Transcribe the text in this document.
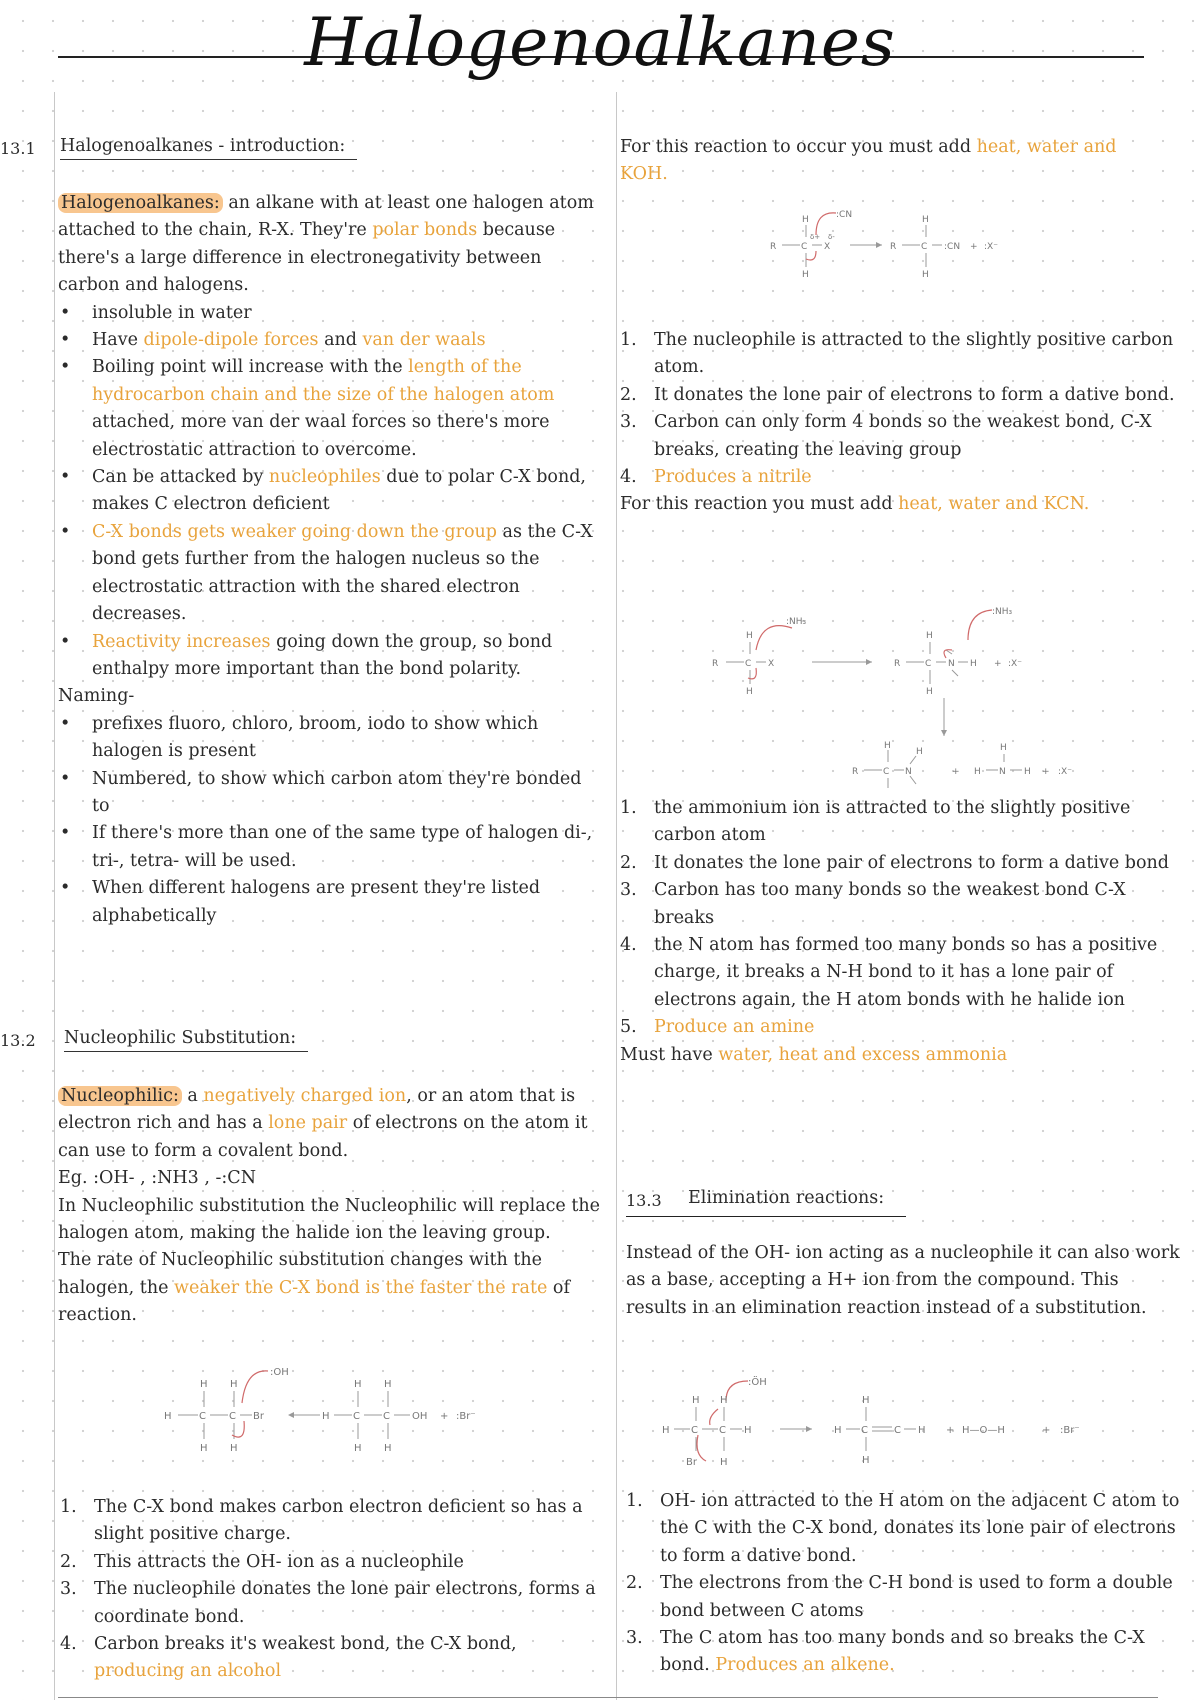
Halogenoalkanes
13.1 Halogenoalkanes - introduction:

Halogenoalkanes: an alkane with at least one halogen atom attached to the chain, R-X. They're polar bonds because there's a large difference in electronegativity between carbon and halogens.

• insoluble in water
• Have dipole-dipole forces and van der waals
• Boiling point will increase with the length of the hydrocarbon chain and the size of the halogen atom attached, more van der waal forces so there's more electrostatic attraction to overcome.
• Can be attacked by nucleophiles due to polar C-X bond, makes C electron deficient
• C-X bonds gets weaker going down the group as the C-X bond gets further from the halogen nucleus so the electrostatic attraction with the shared electron decreases.
• Reactivity increases going down the group, so bond enthalpy more important than the bond polarity.

Naming-

• prefixes fluoro, chloro, broom, iodo to show which halogen is present
• Numbered, to show which carbon atom they're bonded to
• If there's more than one of the same type of halogen di-, tri-, tetra- will be used.
• When different halogens are present they're listed alphabetically
13.2 Nucleophilic Substitution:

Nucleophilic: a negatively charged ion, or an atom that is electron rich and has a lone pair of electrons on the atom it can use to form a covalent bond.

Eg. :OH- , :NH3 , -:CN

In Nucleophilic substitution the Nucleophilic will replace the halogen atom, making the halide ion the leaving group.

The rate of Nucleophilic substitution changes with the halogen, the weaker the C-X bond is the faster the rate of reaction.

:OH
H	C C Br
H H
H H
H C C OH
H H
H H
+ :Br⁻
1. The C-X bond makes carbon electron deficient so has a slight positive charge.
2. This attracts the OH- ion as a nucleophile
3. The nucleophile donates the lone pair electrons, forms a coordinate bond.
4. Carbon breaks it's weakest bond, the C-X bond, producing an alcohol

For this reaction to occur you must add heat, water and KOH.

:CN
R	C X
H
H
δ+ δ-
R	C :CN
H
H
+ :X⁻
1. The nucleophile is attracted to the slightly positive carbon atom.
2. It donates the lone pair of electrons to form a dative bond.
3. Carbon can only form 4 bonds so the weakest bond, C-X breaks, creating the leaving group
4. Produces a nitrile

For this reaction you must add heat, water and KCN.

:NH₃
R	C X
H
H
:NH₃
R	C N H
H
H
+ :X⁻
R	C N
H
H
+ H N H
H
+ :X⁻
1. the ammonium ion is attracted to the slightly positive carbon atom
2. It donates the lone pair of electrons to form a dative bond
3. Carbon has too many bonds so the weakest bond C-X breaks
4. the N atom has formed too many bonds so has a positive charge, it breaks a N-H bond to it has a lone pair of electrons again, the H atom bonds with he halide ion
5. Produce an amine

Must have water, heat and excess ammonia

13.3 Elimination reactions:

Instead of the OH- ion acting as a nucleophile it can also work as a base, accepting a H+ ion from the compound. This results in an elimination reaction instead of a substitution.

:ÖH
H C C H
H H
Br H
H C	C H
H
H
+ H—O—H	+ :Br⁻
1. OH- ion attracted to the H atom on the adjacent C atom to the C with the C-X bond, donates its lone pair of electrons to form a dative bond.
2. The electrons from the C-H bond is used to form a double bond between C atoms
3. The C atom has too many bonds and so breaks the C-X bond. Produces an alkene.
